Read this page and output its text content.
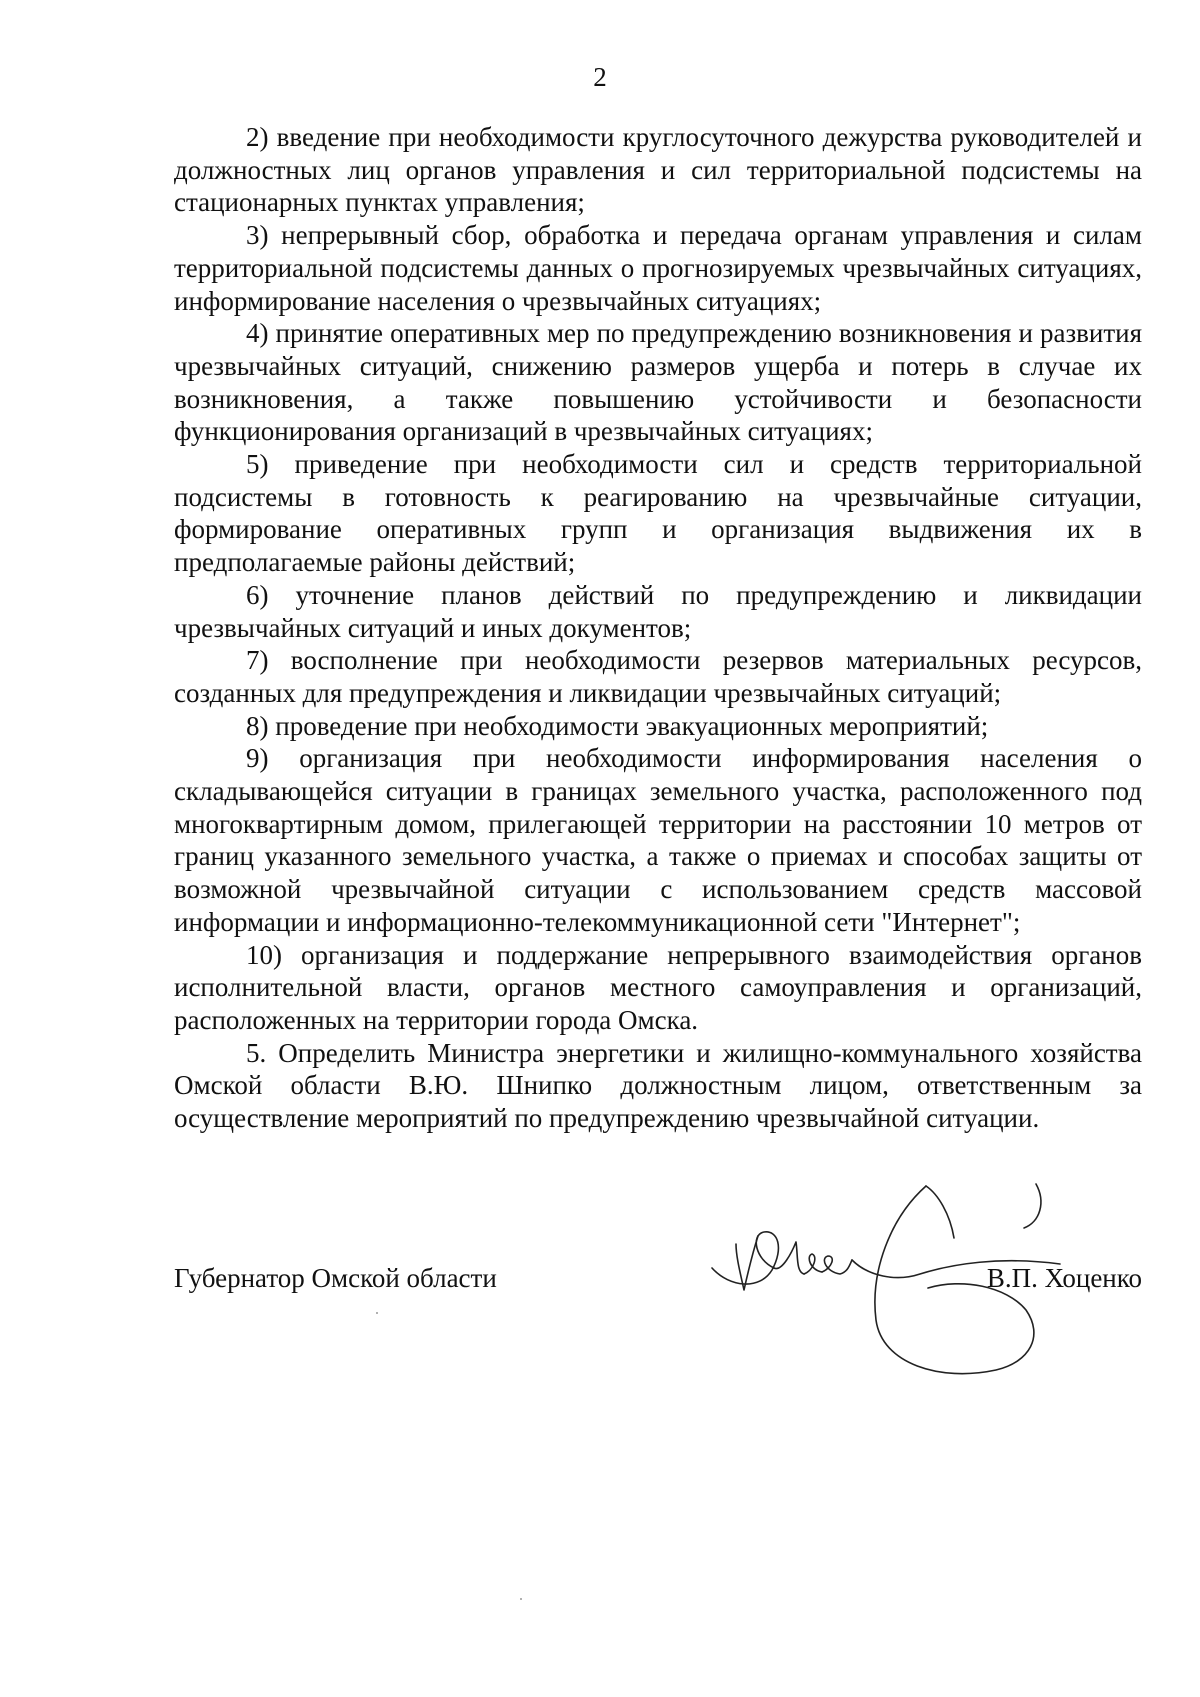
2

2) введение при необходимости круглосуточного дежурства руководителей и должностных лиц органов управления и сил территориальной подсистемы на стационарных пунктах управления;

3) непрерывный сбор, обработка и передача органам управления и силам территориальной подсистемы данных о прогнозируемых чрезвычайных ситуациях, информирование населения о чрезвычайных ситуациях;

4) принятие оперативных мер по предупреждению возникновения и развития чрезвычайных ситуаций, снижению размеров ущерба и потерь в случае их возникновения, а также повышению устойчивости и безопасности функционирования организаций в чрезвычайных ситуациях;

5) приведение при необходимости сил и средств территориальной подсистемы в готовность к реагированию на чрезвычайные ситуации, формирование оперативных групп и организация выдвижения их в предполагаемые районы действий;

6) уточнение планов действий по предупреждению и ликвидации чрезвычайных ситуаций и иных документов;

7) восполнение при необходимости резервов материальных ресурсов, созданных для предупреждения и ликвидации чрезвычайных ситуаций;

8) проведение при необходимости эвакуационных мероприятий;

9) организация при необходимости информирования населения о складывающейся ситуации в границах земельного участка, расположенного под многоквартирным домом, прилегающей территории на расстоянии 10 метров от границ указанного земельного участка, а также о приемах и способах защиты от возможной чрезвычайной ситуации с использованием средств массовой информации и информационно-телекоммуникационной сети "Интернет";

10) организация и поддержание непрерывного взаимодействия органов исполнительной власти, органов местного самоуправления и организаций, расположенных на территории города Омска.

5. Определить Министра энергетики и жилищно-коммунального хозяйства Омской области В.Ю. Шнипко должностным лицом, ответственным за осуществление мероприятий по предупреждению чрезвычайной ситуации.

Губернатор Омской области	В.П. Хоценко
